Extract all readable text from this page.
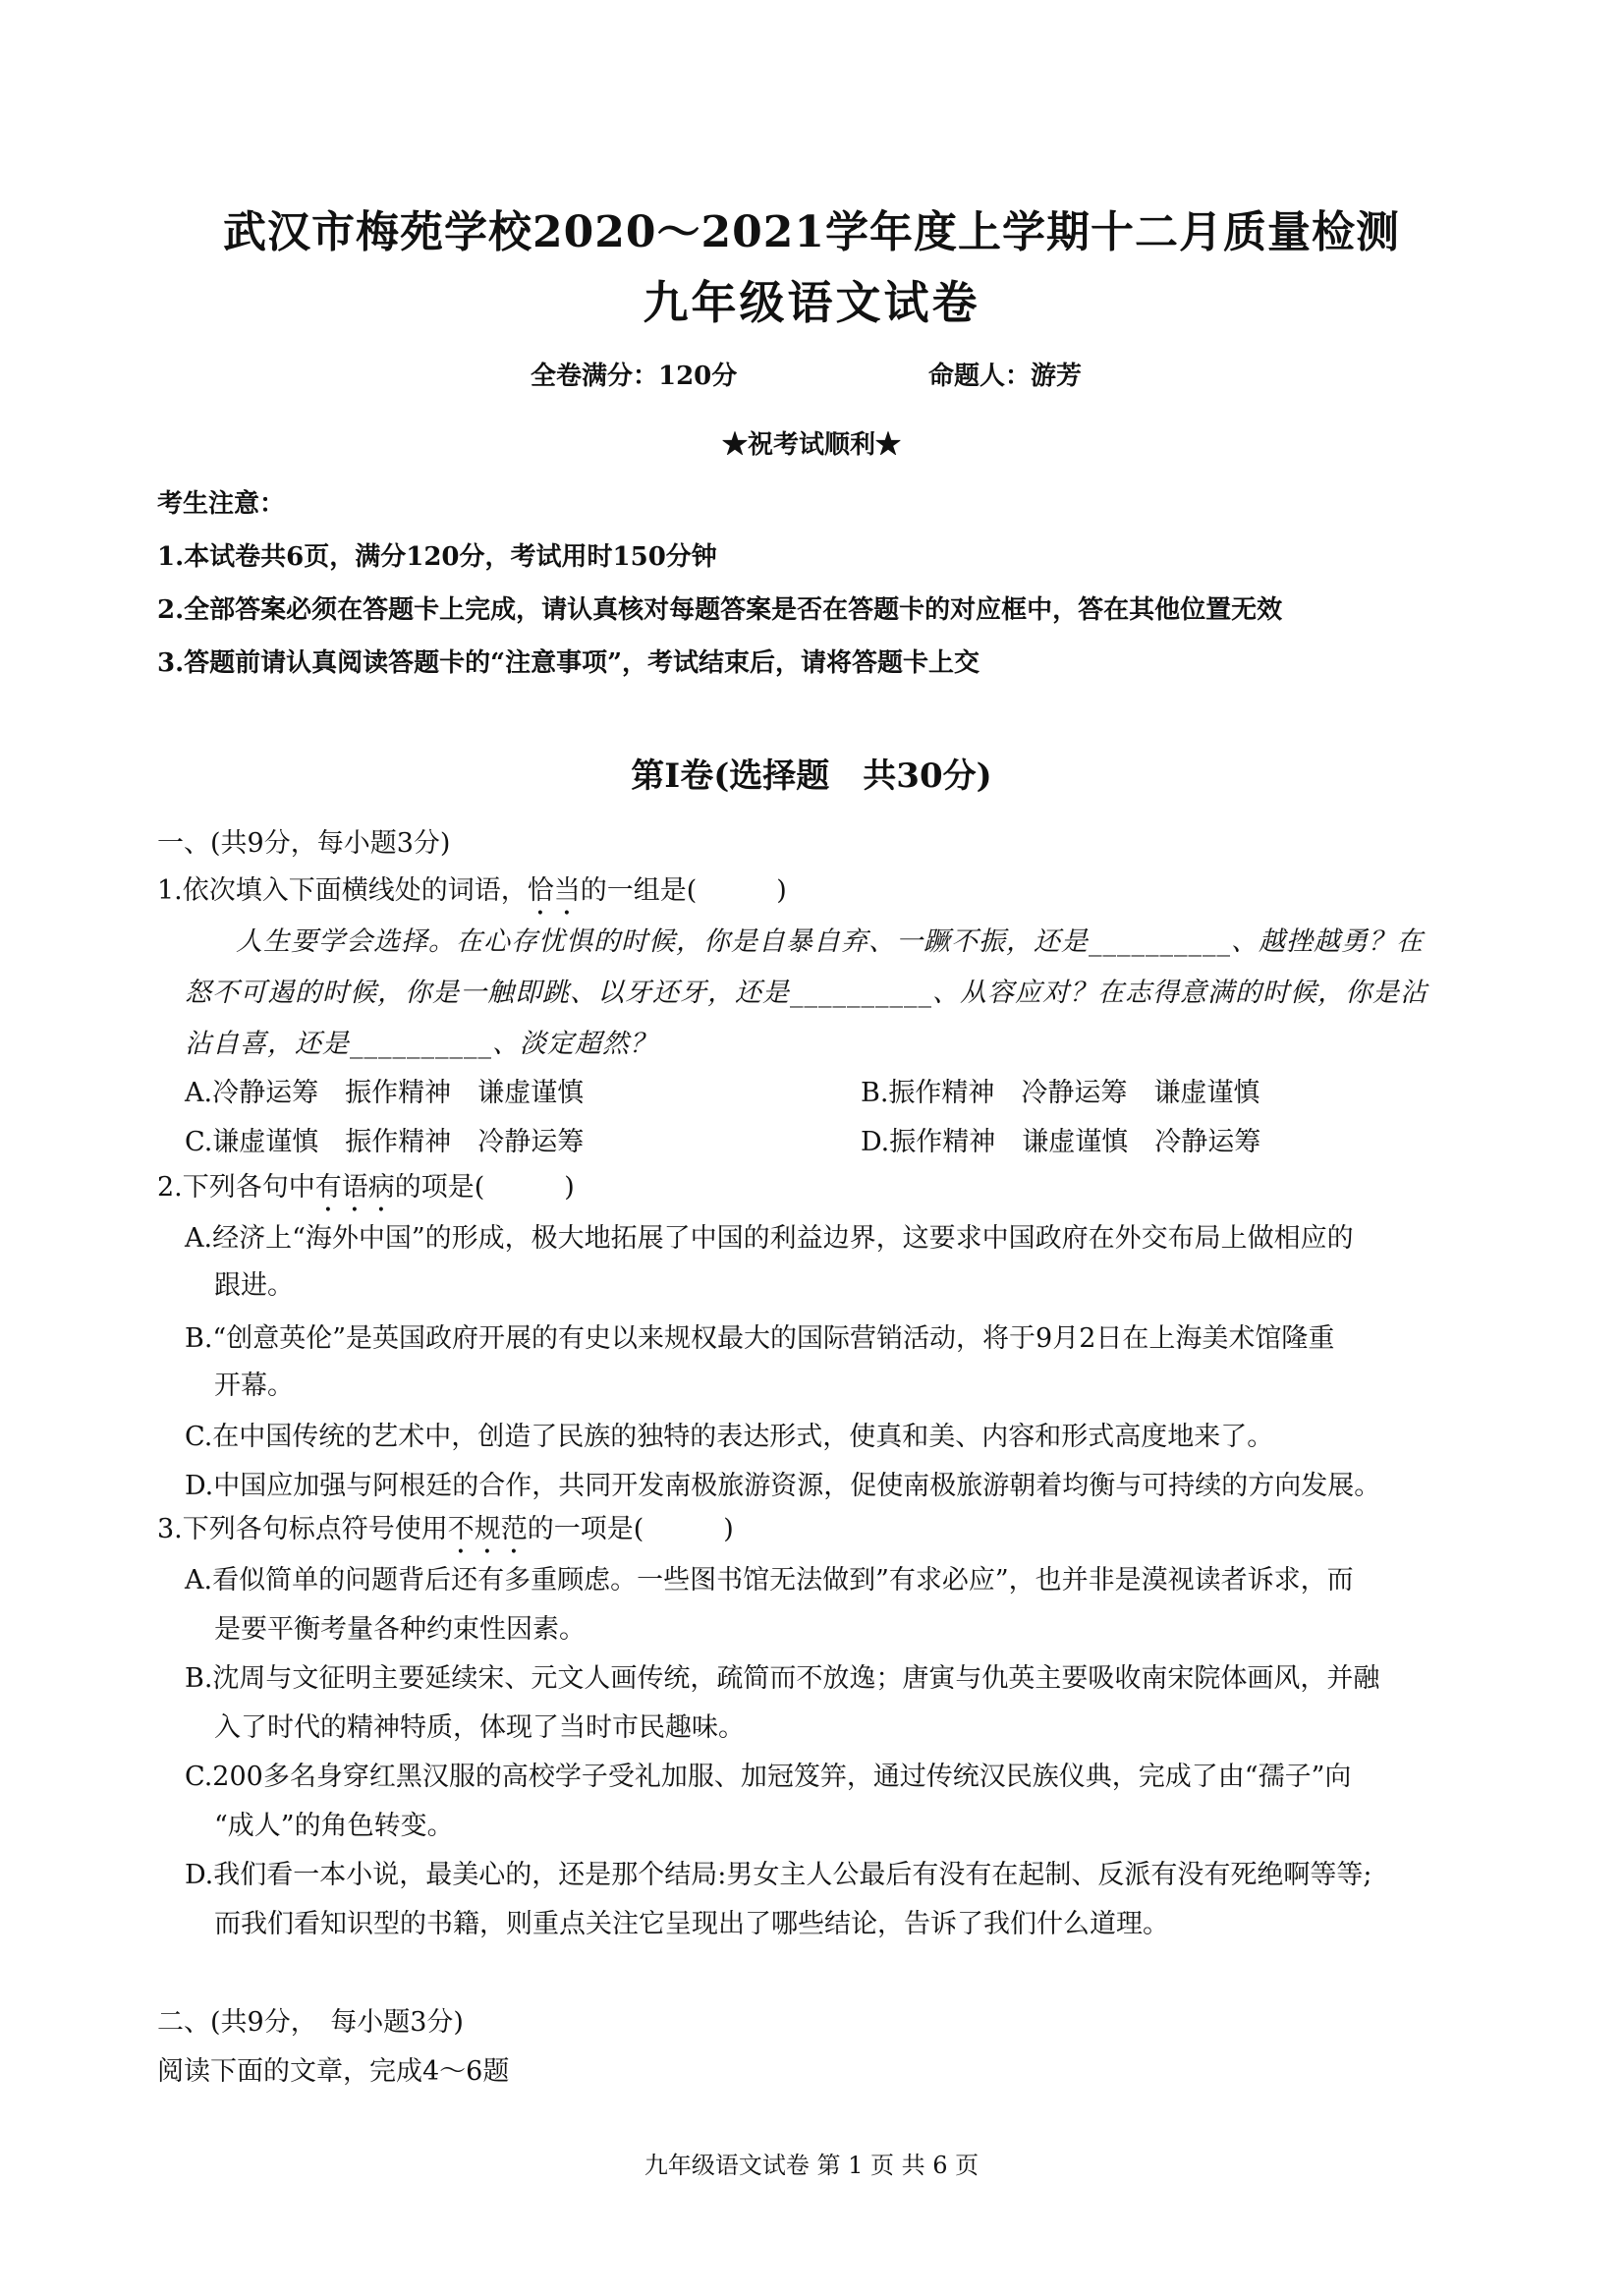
武汉市梅苑学校2020～2021学年度上学期十二月质量检测
九年级语文试卷
全卷满分：120分	命题人：游芳
★祝考试顺利★
考生注意：
1.本试卷共6页，满分120分，考试用时150分钟
2.全部答案必须在答题卡上完成，请认真核对每题答案是否在答题卡的对应框中，答在其他位置无效
3.答题前请认真阅读答题卡的“注意事项”，考试结束后，请将答题卡上交
第Ⅰ卷(选择题　共30分)
一、(共9分，每小题3分)
1.依次填入下面横线处的词语，恰当的一组是(　　　)
人生要学会选择。在心存忧惧的时候，你是自暴自弃、一蹶不振，还是__________、越挫越勇？在
怒不可遏的时候，你是一触即跳、以牙还牙，还是__________、从容应对？在志得意满的时候，你是沾
沾自喜，还是__________、淡定超然？
A.冷静运筹　振作精神　谦虚谨慎	B.振作精神　冷静运筹　谦虚谨慎
C.谦虚谨慎　振作精神　冷静运筹	D.振作精神　谦虚谨慎　冷静运筹
2.下列各句中有语病的项是(　　　)
A.经济上“海外中国”的形成，极大地拓展了中国的利益边界，这要求中国政府在外交布局上做相应的
跟进。
B.“创意英伦”是英国政府开展的有史以来规权最大的国际营销活动，将于9月2日在上海美术馆隆重
开幕。
C.在中国传统的艺术中，创造了民族的独特的表达形式，使真和美、内容和形式高度地来了。
D.中国应加强与阿根廷的合作，共同开发南极旅游资源，促使南极旅游朝着均衡与可持续的方向发展。
3.下列各句标点符号使用不规范的一项是(　　　)
A.看似简单的问题背后还有多重顾虑。一些图书馆无法做到”有求必应”，也并非是漠视读者诉求，而
是要平衡考量各种约束性因素。
B.沈周与文征明主要延续宋、元文人画传统，疏简而不放逸；唐寅与仇英主要吸收南宋院体画风，并融
入了时代的精神特质，体现了当时市民趣味。
C.200多名身穿红黑汉服的高校学子受礼加服、加冠笈笄，通过传统汉民族仪典，完成了由“孺子”向
“成人”的角色转变。
D.我们看一本小说，最美心的，还是那个结局:男女主人公最后有没有在起制、反派有没有死绝啊等等;
而我们看知识型的书籍，则重点关注它呈现出了哪些结论，告诉了我们什么道理。
二、(共9分，　每小题3分)
阅读下面的文章，完成4～6题
九年级语文试卷 第 1 页 共 6 页
